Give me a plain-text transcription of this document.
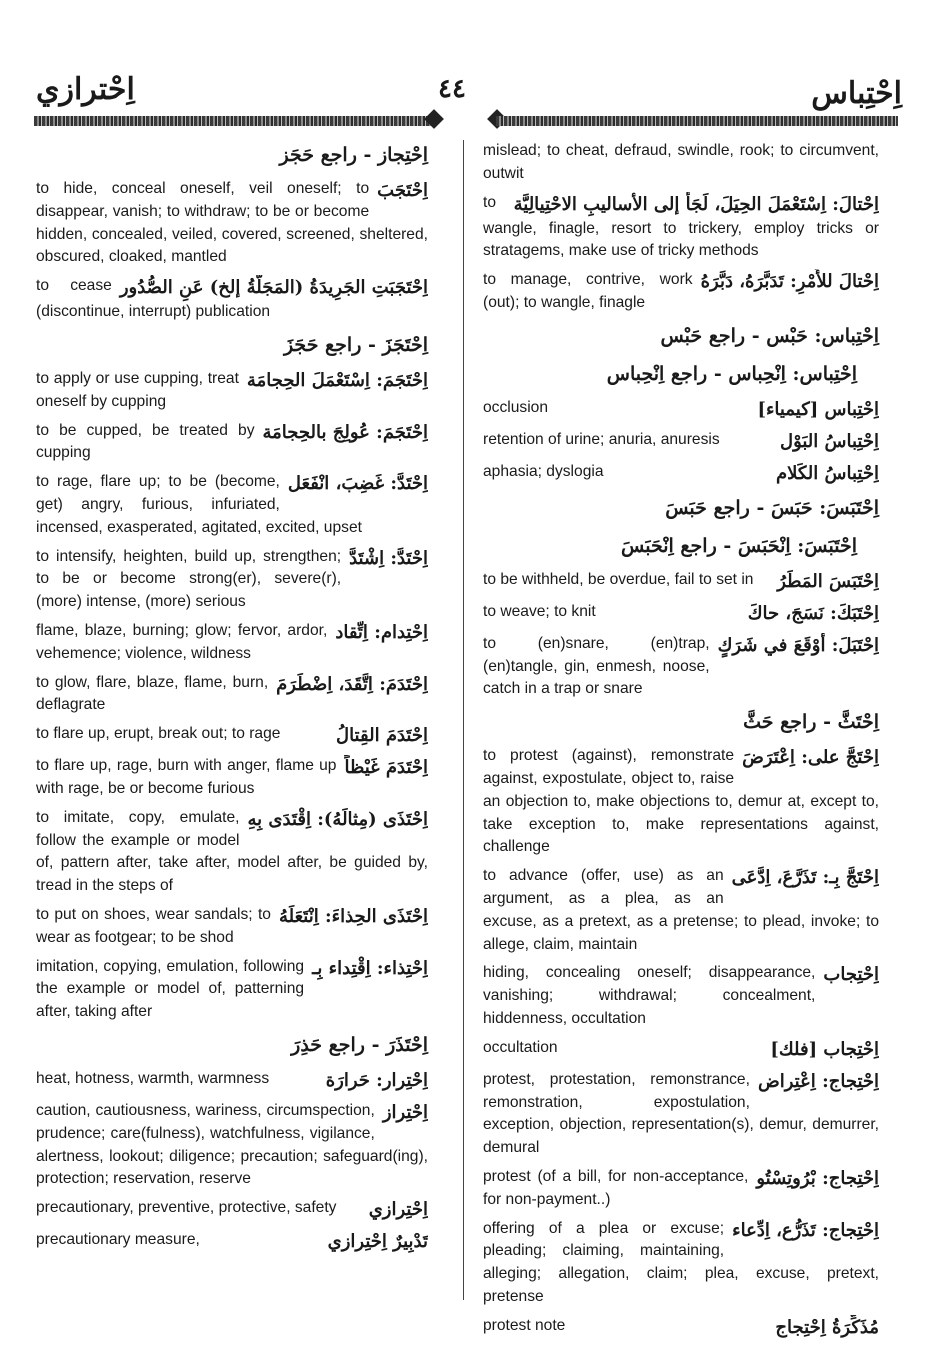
اِحْترازي	٤٤	اِحْتِباس
اِحْتِجاز - راجع حَجَز
اِحْتَجَبَ
to hide, conceal oneself, veil oneself; to disappear, vanish; to withdraw; to be or become hidden, concealed, veiled, covered, screened, sheltered, obscured, cloaked, mantled
اِحْتَجَبَتِ الجَرِيدَةُ (المَجَلَّةُ إلخ) عَنِ الصُّدُور
to cease (discontinue, interrupt) publication
اِحْتَجَزَ - راجع حَجَزَ
اِحْتَجَمَ: اِسْتَعْمَلَ الحِجامَة
to apply or use cupping, treat oneself by cupping
اِحْتَجَمَ: عُولِجَ بالحِجامَة
to be cupped, be treated by cupping
اِحْتَدَّ: غَضِبَ، انْفَعَل
to rage, flare up; to be (become, get) angry, furious, infuriated, incensed, exasperated, agitated, excited, upset
اِحْتَدَّ: اِشْتَدَّ
to intensify, heighten, build up, strengthen; to be or become strong(er), severe(r), (more) intense, (more) serious
اِحْتِدام: اِتِّقاد
flame, blaze, burning; glow; fervor, ardor, vehemence; violence, wildness
اِحْتَدَمَ: اِتَّقَدَ، اِضْطَرَمَ
to glow, flare, blaze, flame, burn, deflagrate
اِحْتَدَمَ القِتالُ
to flare up, erupt, break out; to rage
اِحْتَدَمَ غَيْظاً
to flare up, rage, burn with anger, flame up with rage, be or become furious
اِحْتَذَى (مِثالَهُ): اِقْتَدَى بِهِ
to imitate, copy, emulate, follow the example or model of, pattern after, take after, model after, be guided by, tread in the steps of
اِحْتَذَى الحِذاءَ: اِنْتَعَلَهُ
to put on shoes, wear sandals; to wear as footgear; to be shod
اِحْتِذاء: اِقْتِداء بِـ
imitation, copying, emulation, following the example or model of, patterning after, taking after
اِحْتَذَرَ - راجع حَذِرَ
اِحْتِرار: حَرارَة
heat, hotness, warmth, warmness
اِحْتِراز
caution, cautiousness, wariness, circumspection, prudence; care(fulness), watchfulness, vigilance, alertness, lookout; diligence; precaution; safeguard(ing), protection; reservation, reserve
اِحْتِرازي
precautionary, preventive, protective, safety
تَدْبِيرٌ اِحْتِرازي
precautionary measure,
mislead; to cheat, defraud, swindle, rook; to circumvent, outwit
اِحْتالَ: اِسْتَعْمَلَ الحِيَلَ، لَجَأَ إلى الأساليبِ الاحْتِيالِيَّة
to wangle, finagle, resort to trickery, employ tricks or stratagems, make use of tricky methods
اِحْتالَ للأَمْرِ: تَدَبَّرَهُ، دَبَّرَهُ
to manage, contrive, work (out); to wangle, finagle
اِحْتِباس: حَبْس - راجع حَبْس
اِحْتِباس: اِنْحِباس - راجع اِنْحِباس
اِحْتِباس [كيمياء]
occlusion
اِحْتِباسُ البَوْل
retention of urine; anuria, anuresis
اِحْتِباسُ الكَلام
aphasia; dyslogia
اِحْتَبَسَ: حَبَسَ - راجع حَبَسَ
اِحْتَبَسَ: اِنْحَبَسَ - راجع اِنْحَبَسَ
اِحْتَبَسَ المَطَرُ
to be withheld, be overdue, fail to set in
اِحْتَبَكَ: نَسَجَ، حاكَ
to weave; to knit
اِحْتَبَلَ: أَوْقَعَ في شَرَكٍ
to (en)snare, (en)trap, (en)tangle, gin, enmesh, noose, catch in a trap or snare
اِحْتَثَّ - راجع حَثَّ
اِحْتَجَّ على: اِعْتَرَضَ
to protest (against), remonstrate against, expostulate, object to, raise an objection to, make objections to, demur at, except to, take exception to, make representations against, challenge
اِحْتَجَّ بِـ: تَذَرَّعَ، اِدَّعَى
to advance (offer, use) as an argument, as a plea, as an excuse, as a pretext, as a pretense; to plead, invoke; to allege, claim, maintain
اِحْتِجاب
hiding, concealing oneself; disappearance, vanishing; withdrawal; concealment, hiddenness, occultation
اِحْتِجاب [فلك]
occultation
اِحْتِجاج: اِعْتِراض
protest, protestation, remonstrance, remonstration, expostulation, exception, objection, representation(s), demur, demurrer, demural
اِحْتِجاج: بْرُوتِسْتُو
protest (of a bill, for non-acceptance, for non-payment..)
اِحْتِجاج: تَذَرُّع، اِدِّعاء
offering of a plea or excuse; pleading; claiming, maintaining, alleging; allegation, claim; plea, excuse, pretext, pretense
مُذَكِّرَةُ اِحْتِجاج
protest note
